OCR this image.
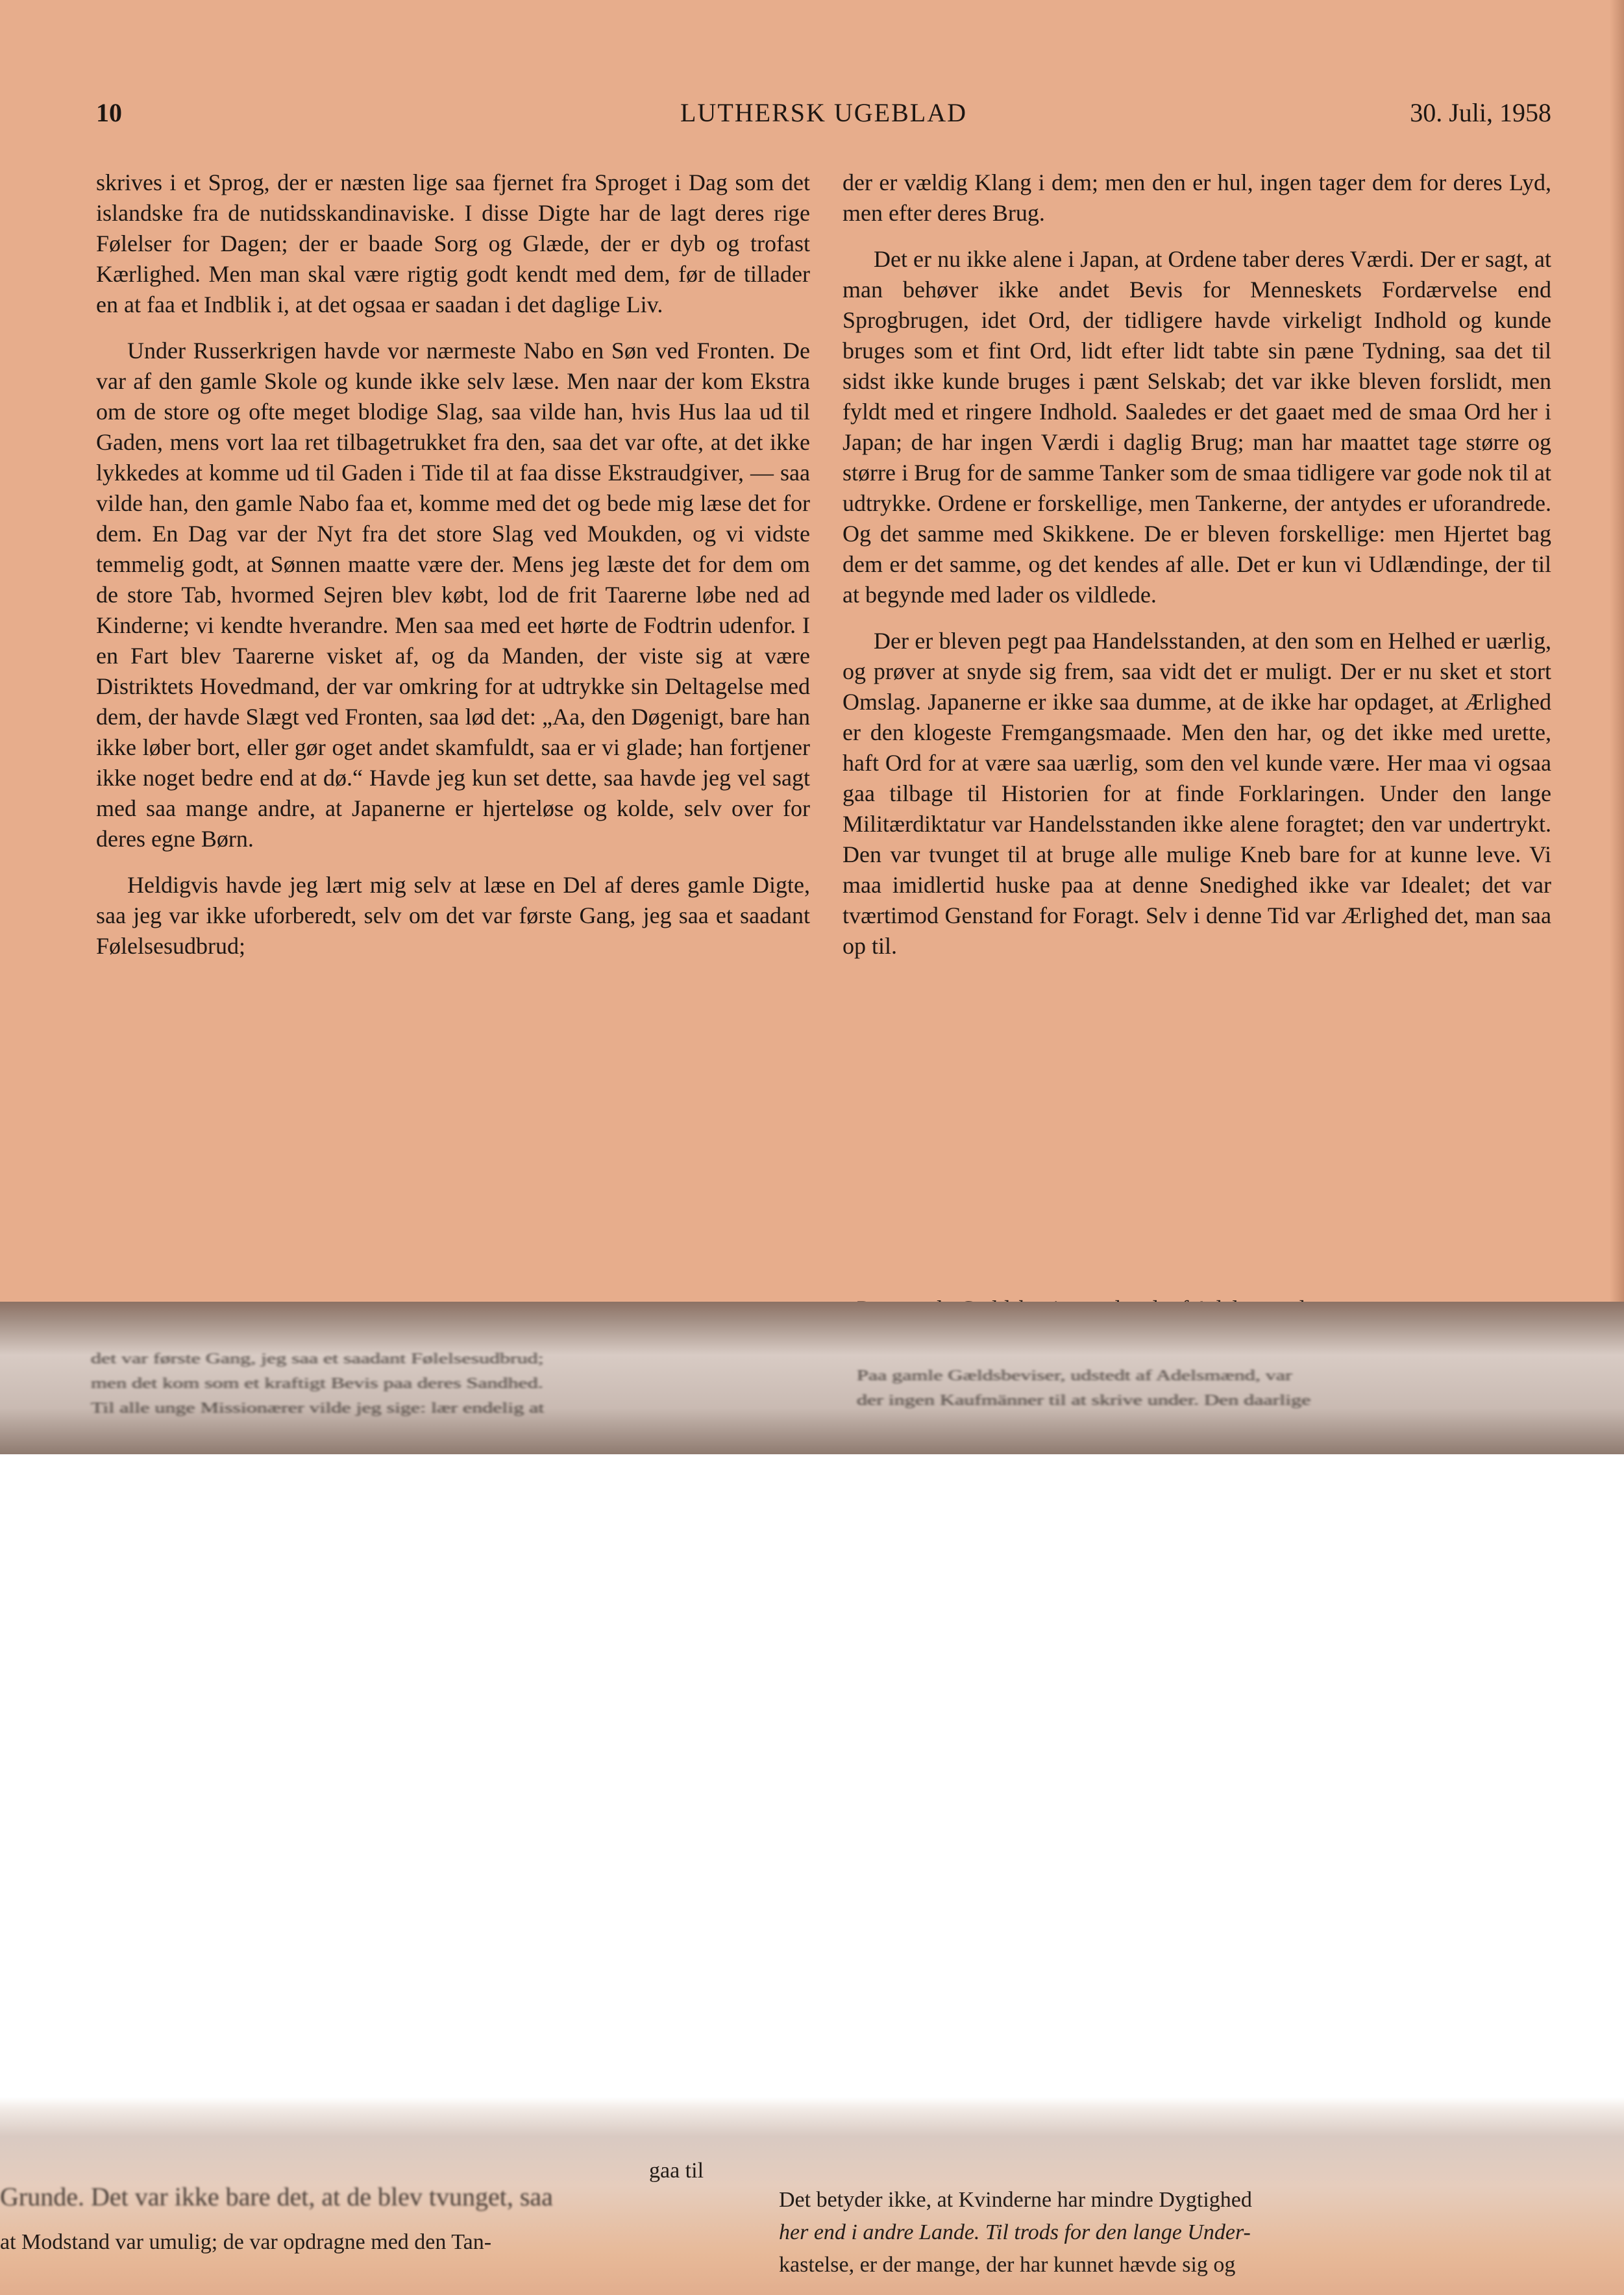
10	LUTHERSK UGEBLAD	30. Juli, 1958

skrives i et Sprog, der er næsten lige saa fjernet fra Sproget i Dag som det islandske fra de nutidsskandinaviske. I disse Digte har de lagt deres rige Følelser for Dagen; der er baade Sorg og Glæde, der er dyb og trofast Kærlighed. Men man skal være rigtig godt kendt med dem, før de tillader en at faa et Indblik i, at det ogsaa er saadan i det daglige Liv.

Under Russerkrigen havde vor nærmeste Nabo en Søn ved Fronten. De var af den gamle Skole og kunde ikke selv læse. Men naar der kom Ekstra om de store og ofte meget blodige Slag, saa vilde han, hvis Hus laa ud til Gaden, mens vort laa ret tilbagetrukket fra den, saa det var ofte, at det ikke lykkedes at komme ud til Gaden i Tide til at faa disse Ekstraudgiver, — saa vilde han, den gamle Nabo faa et, komme med det og bede mig læse det for dem. En Dag var der Nyt fra det store Slag ved Moukden, og vi vidste temmelig godt, at Sønnen maatte være der. Mens jeg læste det for dem om de store Tab, hvormed Sejren blev købt, lod de frit Taarerne løbe ned ad Kinderne; vi kendte hverandre. Men saa med eet hørte de Fodtrin udenfor. I en Fart blev Taarerne visket af, og da Manden, der viste sig at være Distriktets Hovedmand, der var omkring for at udtrykke sin Deltagelse med dem, der havde Slægt ved Fronten, saa lød det: „Aa, den Døgenigt, bare han ikke løber bort, eller gør oget andet skamfuldt, saa er vi glade; han fortjener ikke noget bedre end at dø.“ Havde jeg kun set dette, saa havde jeg vel sagt med saa mange andre, at Japanerne er hjerteløse og kolde, selv over for deres egne Børn.

Heldigvis havde jeg lært mig selv at læse en Del af deres gamle Digte, saa jeg var ikke uforberedt, selv om det var første Gang, jeg saa et saadant Følelsesudbrud;

der er vældig Klang i dem; men den er hul, ingen tager dem for deres Lyd, men efter deres Brug.

Det er nu ikke alene i Japan, at Ordene taber deres Værdi. Der er sagt, at man behøver ikke andet Bevis for Menneskets Fordærvelse end Sprogbrugen, idet Ord, der tidligere havde virkeligt Indhold og kunde bruges som et fint Ord, lidt efter lidt tabte sin pæne Tydning, saa det til sidst ikke kunde bruges i pænt Selskab; det var ikke bleven forslidt, men fyldt med et ringere Indhold. Saaledes er det gaaet med de smaa Ord her i Japan; de har ingen Værdi i daglig Brug; man har maattet tage større og større i Brug for de samme Tanker som de smaa tidligere var gode nok til at udtrykke. Ordene er forskellige, men Tankerne, der antydes er uforandrede. Og det samme med Skikkene. De er bleven forskellige: men Hjertet bag dem er det samme, og det kendes af alle. Det er kun vi Udlændinge, der til at begynde med lader os vildlede.

Der er bleven pegt paa Handelsstanden, at den som en Helhed er uærlig, og prøver at snyde sig frem, saa vidt det er muligt. Der er nu sket et stort Omslag. Japanerne er ikke saa dumme, at de ikke har opdaget, at Ærlighed er den klogeste Fremgangsmaade. Men den har, og det ikke med urette, haft Ord for at være saa uærlig, som den vel kunde være. Her maa vi ogsaa gaa tilbage til Historien for at finde Forklaringen. Under den lange Militærdiktatur var Handelsstanden ikke alene foragtet; den var undertrykt. Den var tvunget til at bruge alle mulige Kneb bare for at kunne leve. Vi maa imidlertid huske paa at denne Snedighed ikke var Idealet; det var tværtimod Genstand for Foragt. Selv i denne Tid var Ærlighed det, man saa op til.

det var første Gang, jeg saa et saadant Følelsesudbrud;
men det kom som et kraftigt Bevis paa deres Sandhed.
Til alle unge Missionærer vilde jeg sige: lær endelig at
Paa gamle Gældsbeviser, udstedt af Adelsmænd, var
der ingen Kaufmänner til at skrive under. Den daarlige
Grunde. Det var ikke bare det, at de blev tvunget, saa
at Modstand var umulig; de var opdragne med den Tan-
gaa til
Det betyder ikke, at Kvinderne har mindre Dygtighed
her end i andre Lande. Til trods for den lange Under-
kastelse, er der mange, der har kunnet hævde sig og
